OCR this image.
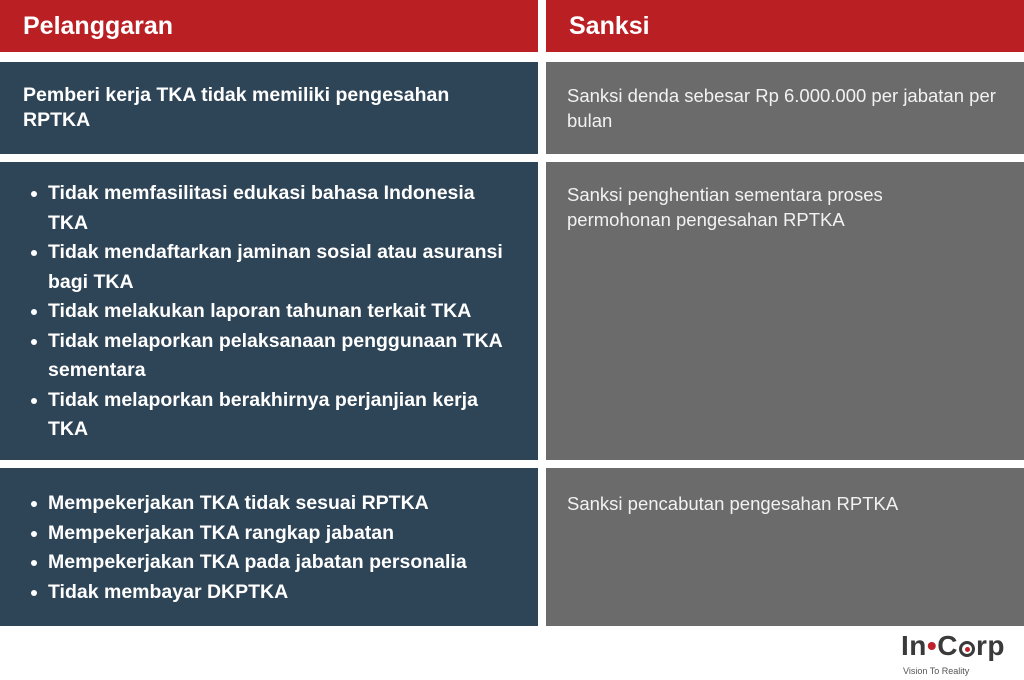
Pelanggaran	Sanksi
Pemberi kerja TKA tidak memiliki pengesahan RPTKA
Sanksi denda sebesar Rp 6.000.000 per jabatan per bulan
Tidak memfasilitasi edukasi bahasa Indonesia TKA
Tidak mendaftarkan jaminan sosial atau asuransi bagi TKA
Tidak melakukan laporan tahunan terkait TKA
Tidak melaporkan pelaksanaan penggunaan TKA sementara
Tidak melaporkan berakhirnya perjanjian kerja TKA
Sanksi penghentian sementara proses permohonan pengesahan RPTKA
Mempekerjakan TKA tidak sesuai RPTKA
Mempekerjakan TKA rangkap jabatan
Mempekerjakan TKA pada jabatan personalia
Tidak membayar DKPTKA
Sanksi pencabutan pengesahan RPTKA
In•C rp
Vision To Reality
